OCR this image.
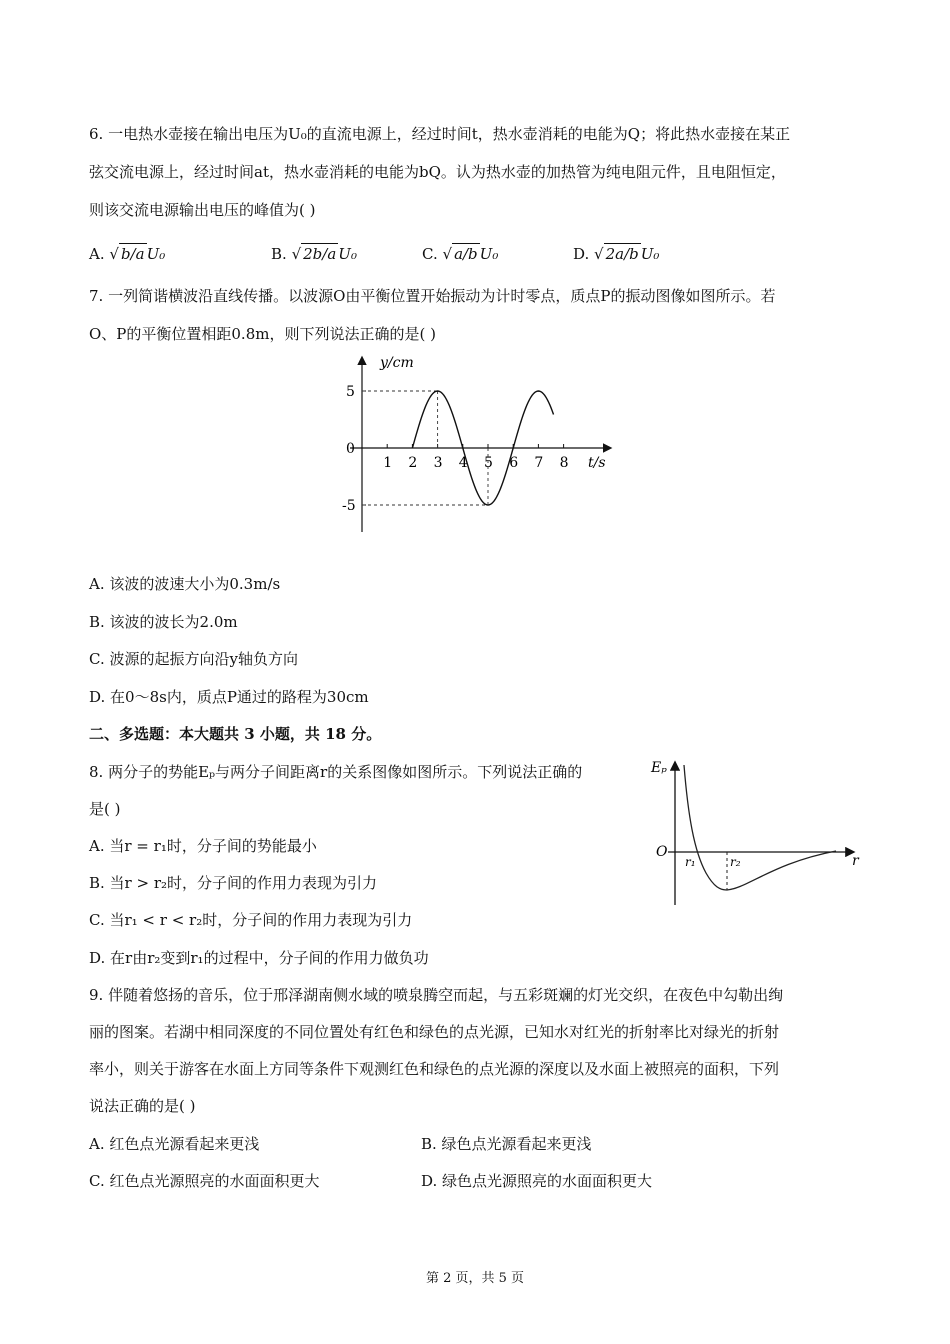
6. 一电热水壶接在输出电压为U₀的直流电源上，经过时间t，热水壶消耗的电能为Q；将此热水壶接在某正
弦交流电源上，经过时间at，热水壶消耗的电能为bQ。认为热水壶的加热管为纯电阻元件，且电阻恒定，
则该交流电源输出电压的峰值为( )
A. √ b/a U₀	B. √ 2b/a U₀	C. √ a/b U₀	D. √ 2a/b U₀
7. 一列简谐横波沿直线传播。以波源O由平衡位置开始振动为计时零点，质点P的振动图像如图所示。若
O、P的平衡位置相距0.8m，则下列说法正确的是( )
y/cm
t/s
1 2 3 4 5 6 7 8
5
0
-5
A. 该波的波速大小为0.3m/s
B. 该波的波长为2.0m
C. 波源的起振方向沿y轴负方向
D. 在0～8s内，质点P通过的路程为30cm
二、多选题：本大题共 3 小题，共 18 分。
8. 两分子的势能Eₚ与两分子间距离r的关系图像如图所示。下列说法正确的
是( )
A. 当r = r₁时，分子间的势能最小
B. 当r > r₂时，分子间的作用力表现为引力
C. 当r₁ < r < r₂时，分子间的作用力表现为引力
D. 在r由r₂变到r₁的过程中，分子间的作用力做负功
Eₚ
O
r
r₁	r₂
9. 伴随着悠扬的音乐，位于邢泽湖南侧水域的喷泉腾空而起，与五彩斑斓的灯光交织，在夜色中勾勒出绚
丽的图案。若湖中相同深度的不同位置处有红色和绿色的点光源，已知水对红光的折射率比对绿光的折射
率小，则关于游客在水面上方同等条件下观测红色和绿色的点光源的深度以及水面上被照亮的面积，下列
说法正确的是( )
A. 红色点光源看起来更浅	B. 绿色点光源看起来更浅
C. 红色点光源照亮的水面面积更大	D. 绿色点光源照亮的水面面积更大
第 2 页，共 5 页
